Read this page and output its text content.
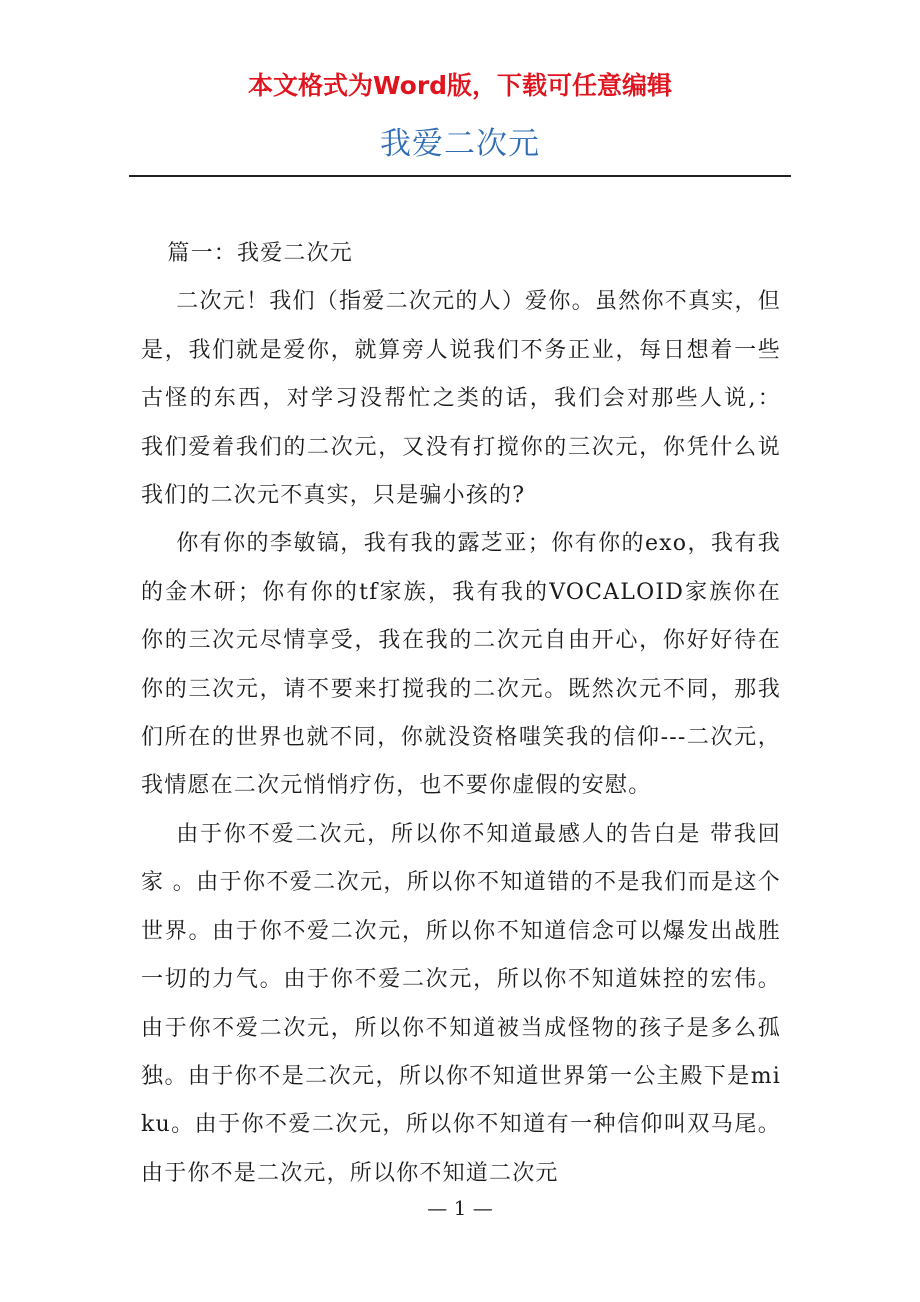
本文格式为Word版，下载可任意编辑
我爱二次元

篇一：我爱二次元

二次元！我们（指爱二次元的人）爱你。虽然你不真实，但是，我们就是爱你，就算旁人说我们不务正业，每日想着一些古怪的东西，对学习没帮忙之类的话，我们会对那些人说,： 我们爱着我们的二次元，又没有打搅你的三次元，你凭什么说我们的二次元不真实，只是骗小孩的?

你有你的李敏镐，我有我的露芝亚；你有你的exo，我有我的金木研；你有你的tf家族，我有我的VOCALOID家族你在你的三次元尽情享受，我在我的二次元自由开心，你好好待在你的三次元，请不要来打搅我的二次元。既然次元不同，那我们所在的世界也就不同，你就没资格嗤笑我的信仰---二次元，我情愿在二次元悄悄疗伤，也不要你虚假的安慰。

由于你不爱二次元，所以你不知道最感人的告白是 带我回家 。由于你不爱二次元，所以你不知道错的不是我们而是这个世界。由于你不爱二次元，所以你不知道信念可以爆发出战胜一切的力气。由于你不爱二次元，所以你不知道妹控的宏伟。由于你不爱二次元，所以你不知道被当成怪物的孩子是多么孤独。由于你不是二次元，所以你不知道世界第一公主殿下是miku。由于你不爱二次元，所以你不知道有一种信仰叫双马尾。由于你不是二次元，所以你不知道二次元

— 1 —
